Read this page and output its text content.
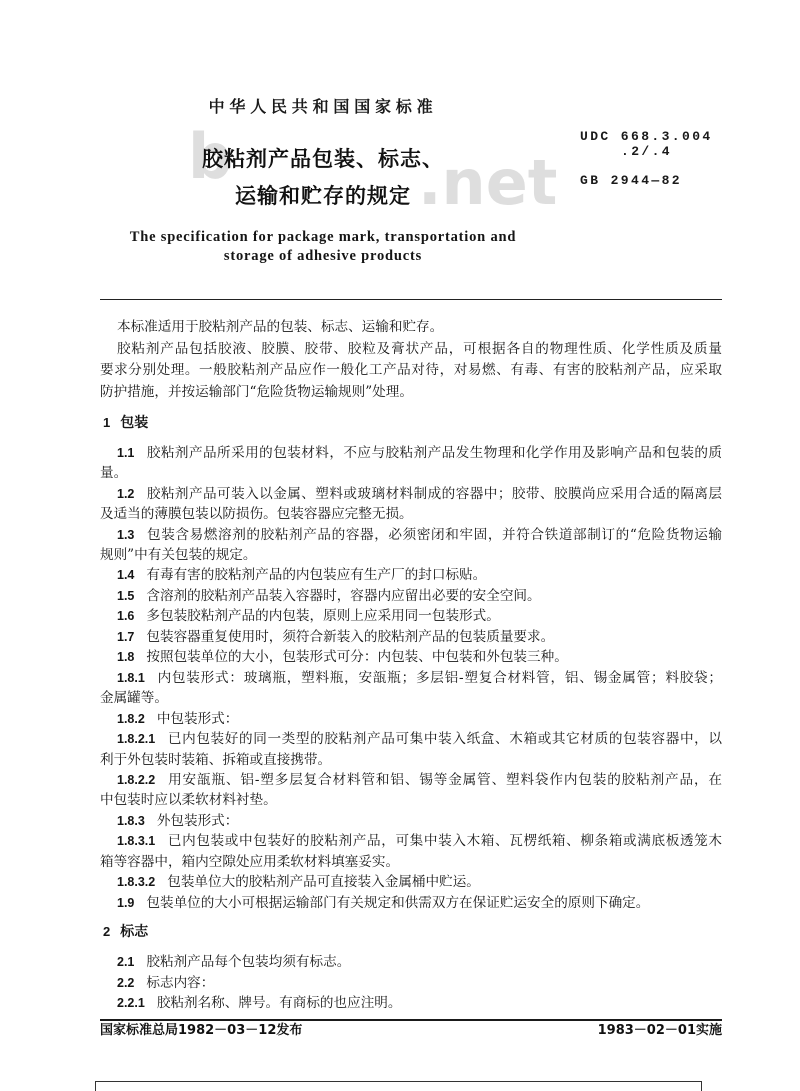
b	.net
中华人民共和国国家标准
胶粘剂产品包装、标志、
运输和贮存的规定
The specification for package mark, transportation and
storage of adhesive products
UDC 668.3.004
.2/.4
GB 2944—82
本标准适用于胶粘剂产品的包装、标志、运输和贮存。
胶粘剂产品包括胶液、胶膜、胶带、胶粒及膏状产品，可根据各自的物理性质、化学性质及质量
要求分别处理。一般胶粘剂产品应作一般化工产品对待，对易燃、有毒、有害的胶粘剂产品，应采取
防护措施，并按运输部门“危险货物运输规则”处理。
1 包装
1.1 胶粘剂产品所采用的包装材料，不应与胶粘剂产品发生物理和化学作用及影响产品和包装的质
量。
1.2 胶粘剂产品可装入以金属、塑料或玻璃材料制成的容器中；胶带、胶膜尚应采用合适的隔离层
及适当的薄膜包装以防损伤。包装容器应完整无损。
1.3 包装含易燃溶剂的胶粘剂产品的容器，必须密闭和牢固，并符合铁道部制订的“危险货物运输
规则”中有关包装的规定。
1.4 有毒有害的胶粘剂产品的内包装应有生产厂的封口标贴。
1.5 含溶剂的胶粘剂产品装入容器时，容器内应留出必要的安全空间。
1.6 多包装胶粘剂产品的内包装，原则上应采用同一包装形式。
1.7 包装容器重复使用时，须符合新装入的胶粘剂产品的包装质量要求。
1.8 按照包装单位的大小，包装形式可分：内包装、中包装和外包装三种。
1.8.1 内包装形式：玻璃瓶，塑料瓶，安瓿瓶；多层铝-塑复合材料管，铝、锡金属管；料胶袋；
金属罐等。
1.8.2 中包装形式：
1.8.2.1 已内包装好的同一类型的胶粘剂产品可集中装入纸盒、木箱或其它材质的包装容器中，以
利于外包装时装箱、拆箱或直接携带。
1.8.2.2 用安瓿瓶、铝-塑多层复合材料管和铝、锡等金属管、塑料袋作内包装的胶粘剂产品，在
中包装时应以柔软材料衬垫。
1.8.3 外包装形式：
1.8.3.1 已内包装或中包装好的胶粘剂产品，可集中装入木箱、瓦楞纸箱、柳条箱或满底板透笼木
箱等容器中，箱内空隙处应用柔软材料填塞妥实。
1.8.3.2 包装单位大的胶粘剂产品可直接装入金属桶中贮运。
1.9 包装单位的大小可根据运输部门有关规定和供需双方在保证贮运安全的原则下确定。
2 标志
2.1 胶粘剂产品每个包装均须有标志。
2.2 标志内容：
2.2.1 胶粘剂名称、牌号。有商标的也应注明。
国家标准总局1982－03－12发布	1983－02－01实施
